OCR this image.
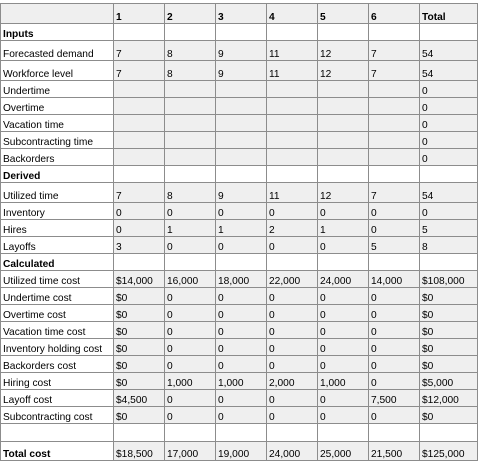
	1	2	3	4	5	6	Total
Inputs							
Forecasted demand	7	8	9	11	12	7	54
Workforce level	7	8	9	11	12	7	54
Undertime							0
Overtime							0
Vacation time							0
Subcontracting time							0
Backorders							0
Derived							
Utilized time	7	8	9	11	12	7	54
Inventory	0	0	0	0	0	0	0
Hires	0	1	1	2	1	0	5
Layoffs	3	0	0	0	0	5	8
Calculated							
Utilized time cost	$14,000	16,000	18,000	22,000	24,000	14,000	$108,000
Undertime cost	$0	0	0	0	0	0	$0
Overtime cost	$0	0	0	0	0	0	$0
Vacation time cost	$0	0	0	0	0	0	$0
Inventory holding cost	$0	0	0	0	0	0	$0
Backorders cost	$0	0	0	0	0	0	$0
Hiring cost	$0	1,000	1,000	2,000	1,000	0	$5,000
Layoff cost	$4,500	0	0	0	0	7,500	$12,000
Subcontracting cost	$0	0	0	0	0	0	$0

Total cost	$18,500	17,000	19,000	24,000	25,000	21,500	$125,000
